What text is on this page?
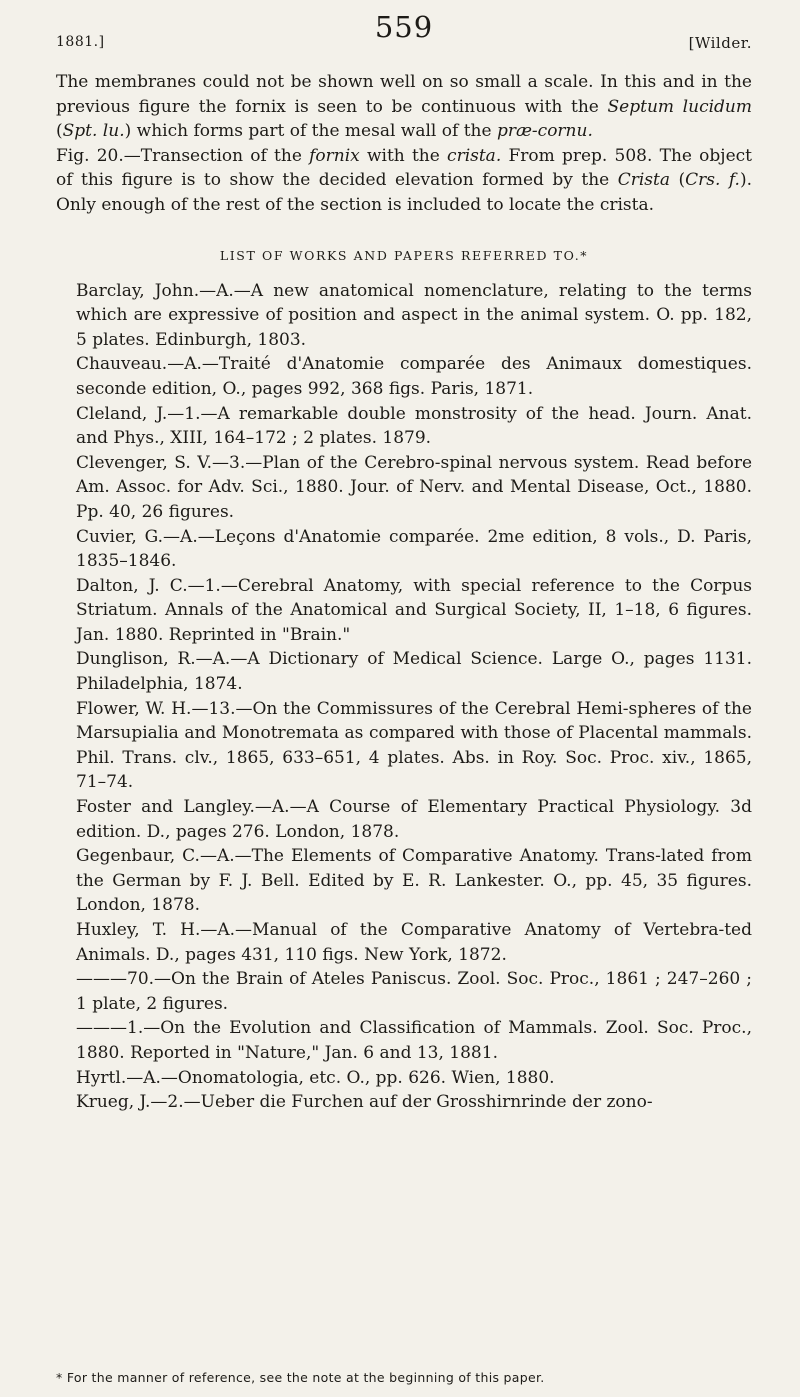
1881.]	559	[Wilder.

The membranes could not be shown well on so small a scale. In this and in the previous figure the fornix is seen to be continuous with the Septum lucidum (Spt. lu.) which forms part of the mesal wall of the præ-cornu.

Fig. 20.—Transection of the fornix with the crista. From prep. 508. The object of this figure is to show the decided elevation formed by the Crista (Crs. f.). Only enough of the rest of the section is included to locate the crista.

LIST OF WORKS AND PAPERS REFERRED TO.*

Barclay, John.—A.—A new anatomical nomenclature, relating to the terms which are expressive of position and aspect in the animal system. O. pp. 182, 5 plates. Edinburgh, 1803.

Chauveau.—A.—Traité d'Anatomie comparée des Animaux domestiques. seconde edition, O., pages 992, 368 figs. Paris, 1871.

Cleland, J.—1.—A remarkable double monstrosity of the head. Journ. Anat. and Phys., XIII, 164–172 ; 2 plates. 1879.

Clevenger, S. V.—3.—Plan of the Cerebro-spinal nervous system. Read before Am. Assoc. for Adv. Sci., 1880. Jour. of Nerv. and Mental Disease, Oct., 1880. Pp. 40, 26 figures.

Cuvier, G.—A.—Leçons d'Anatomie comparée. 2me edition, 8 vols., D. Paris, 1835–1846.

Dalton, J. C.—1.—Cerebral Anatomy, with special reference to the Corpus Striatum. Annals of the Anatomical and Surgical Society, II, 1–18, 6 figures. Jan. 1880. Reprinted in "Brain."

Dunglison, R.—A.—A Dictionary of Medical Science. Large O., pages 1131. Philadelphia, 1874.

Flower, W. H.—13.—On the Commissures of the Cerebral Hemi-spheres of the Marsupialia and Monotremata as compared with those of Placental mammals. Phil. Trans. clv., 1865, 633–651, 4 plates. Abs. in Roy. Soc. Proc. xiv., 1865, 71–74.

Foster and Langley.—A.—A Course of Elementary Practical Physiology. 3d edition. D., pages 276. London, 1878.

Gegenbaur, C.—A.—The Elements of Comparative Anatomy. Trans-lated from the German by F. J. Bell. Edited by E. R. Lankester. O., pp. 45, 35 figures. London, 1878.

Huxley, T. H.—A.—Manual of the Comparative Anatomy of Vertebra-ted Animals. D., pages 431, 110 figs. New York, 1872.

———70.—On the Brain of Ateles Paniscus. Zool. Soc. Proc., 1861 ; 247–260 ; 1 plate, 2 figures.

———1.—On the Evolution and Classification of Mammals. Zool. Soc. Proc., 1880. Reported in "Nature," Jan. 6 and 13, 1881.

Hyrtl.—A.—Onomatologia, etc. O., pp. 626. Wien, 1880.

Krueg, J.—2.—Ueber die Furchen auf der Grosshirnrinde der zono-

* For the manner of reference, see the note at the beginning of this paper.
